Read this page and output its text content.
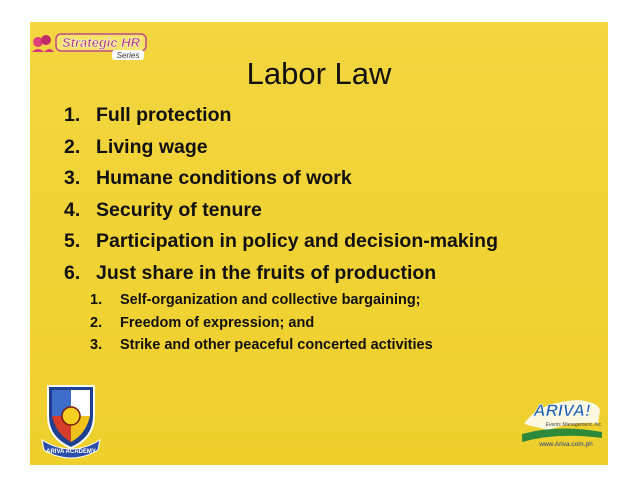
Strategic HR
Series
Labor Law
1. Full protection
2. Living wage
3. Humane conditions of work
4. Security of tenure
5. Participation in policy and decision-making
6. Just share in the fruits of production
1. Self-organization and collective bargaining;
2. Freedom of expression; and
3. Strike and other peaceful concerted activities
ARIVA ACADEMY
ARIVA!
Events Management, Inc.
www.Ariva.com.ph
